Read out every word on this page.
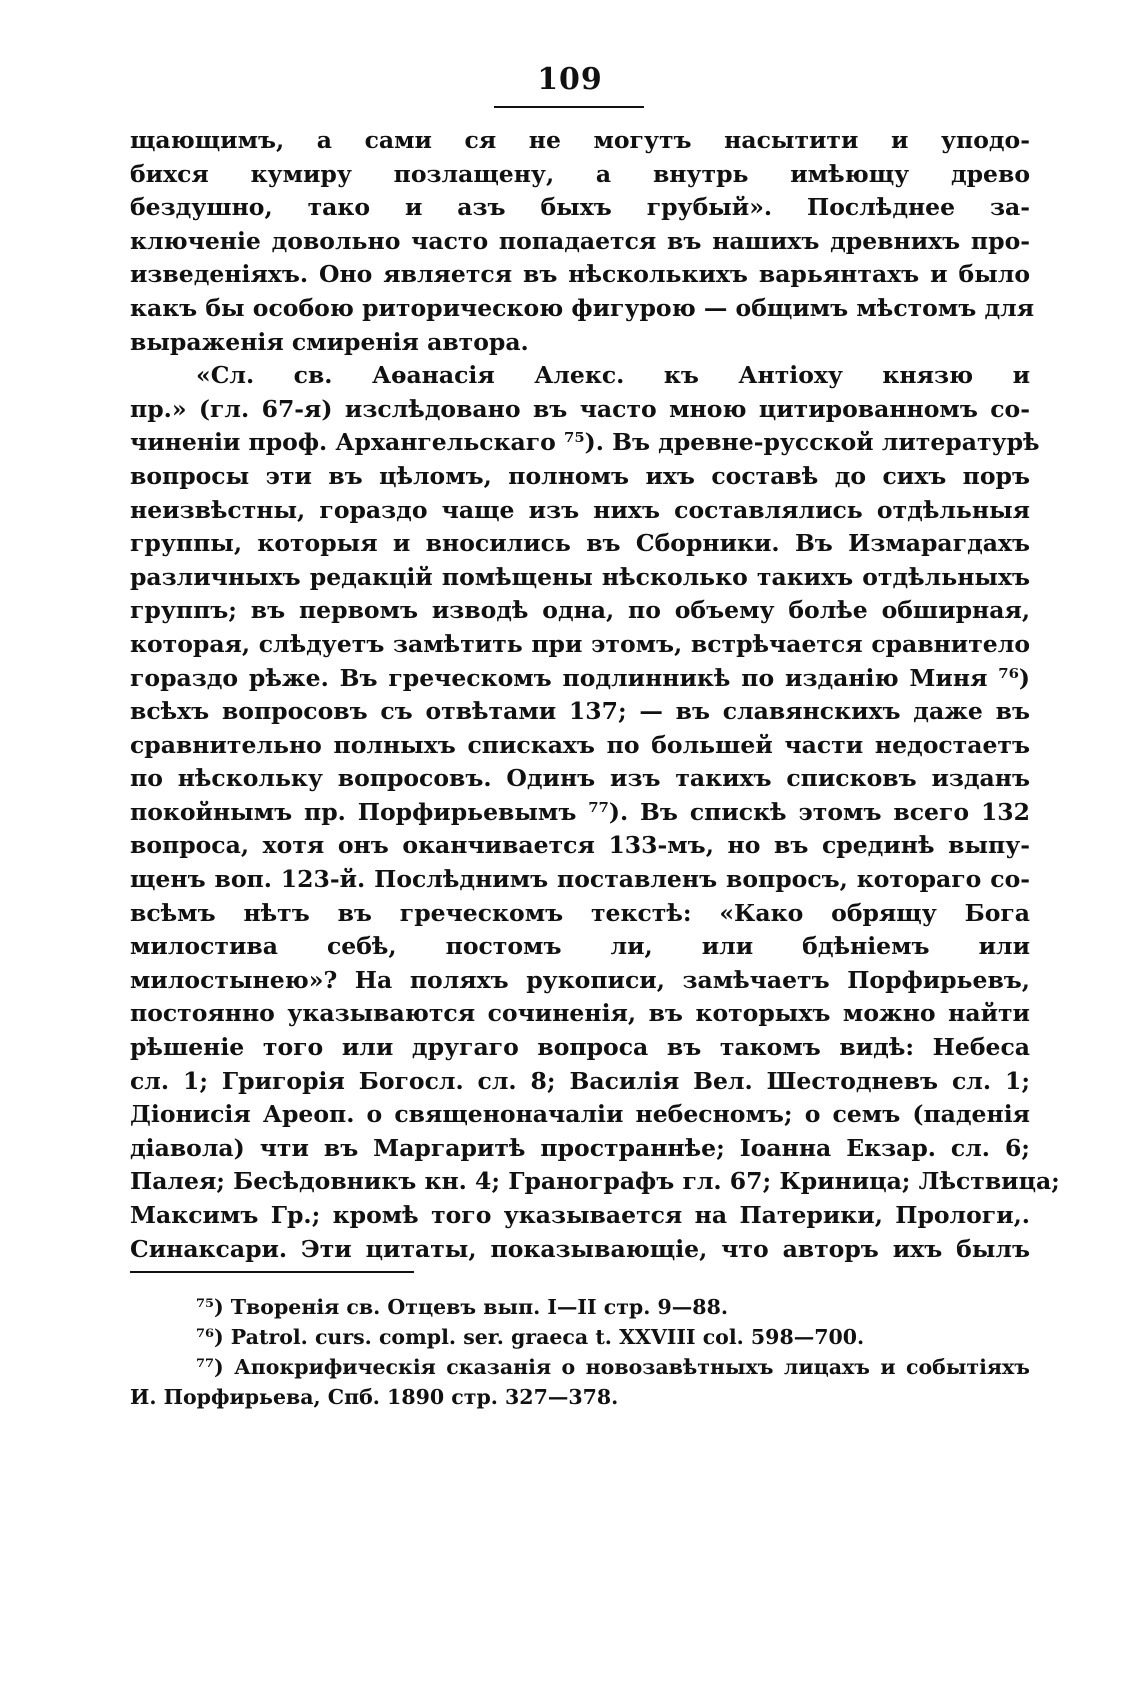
109
щающимъ, а сами ся не могутъ насытити и уподо-
бихся кумиру позлащену, а внутрь имѣющу древо
бездушно, тако и азъ быхъ грубый». Послѣднее за-
ключеніе довольно часто попадается въ нашихъ древнихъ про-
изведеніяхъ. Оно является въ нѣсколькихъ варьянтахъ и было
какъ бы особою риторическою фигурою — общимъ мѣстомъ для
выраженія смиренія автора.
«Сл. св. Аѳанасія Алекс. къ Антіоху князю и
пр.» (гл. 67-я) изслѣдовано въ часто мною цитированномъ со-
чиненіи проф. Архангельскаго ⁷⁵). Въ древне-русской литературѣ
вопросы эти въ цѣломъ, полномъ ихъ составѣ до сихъ поръ
неизвѣстны, гораздо чаще изъ нихъ составлялись отдѣльныя
группы, которыя и вносились въ Сборники. Въ Измарагдахъ
различныхъ редакцій помѣщены нѣсколько такихъ отдѣльныхъ
группъ; въ первомъ изводѣ одна, по объему болѣе обширная,
которая, слѣдуетъ замѣтить при этомъ, встрѣчается сравнитело
гораздо рѣже. Въ греческомъ подлинникѣ по изданію Миня ⁷⁶)
всѣхъ вопросовъ съ отвѣтами 137; — въ славянскихъ даже въ
сравнительно полныхъ спискахъ по большей части недостаетъ
по нѣскольку вопросовъ. Одинъ изъ такихъ списковъ изданъ
покойнымъ пр. Порфирьевымъ ⁷⁷). Въ спискѣ этомъ всего 132
вопроса, хотя онъ оканчивается 133-мъ, но въ срединѣ выпу-
щенъ воп. 123-й. Послѣднимъ поставленъ вопросъ, котораго со-
всѣмъ нѣтъ въ греческомъ текстѣ: «Како обрящу Бога
милостива себѣ, постомъ ли, или бдѣніемъ или
милостынею»? На поляхъ рукописи, замѣчаетъ Порфирьевъ,
постоянно указываются сочиненія, въ которыхъ можно найти
рѣшеніе того или другаго вопроса въ такомъ видѣ: Небеса
сл. 1; Григорія Богосл. сл. 8; Василія Вел. Шестодневъ сл. 1;
Діонисія Ареоп. о священоначаліи небесномъ; о семъ (паденія
діавола) чти въ Маргаритѣ пространнѣе; Іоанна Екзар. сл. 6;
Палея; Бесѣдовникъ кн. 4; Гранографъ гл. 67; Криница; Лѣствица;
Максимъ Гр.; кромѣ того указывается на Патерики, Прологи,.
Синаксари. Эти цитаты, показывающіе, что авторъ ихъ былъ
⁷⁵) Творенія св. Отцевъ вып. I—II стр. 9—88.
⁷⁶) Patrol. curs. compl. ser. graeca t. XXVIII col. 598—700.
⁷⁷) Апокрифическія сказанія о новозавѣтныхъ лицахъ и событіяхъ
И. Порфирьева, Спб. 1890 стр. 327—378.
